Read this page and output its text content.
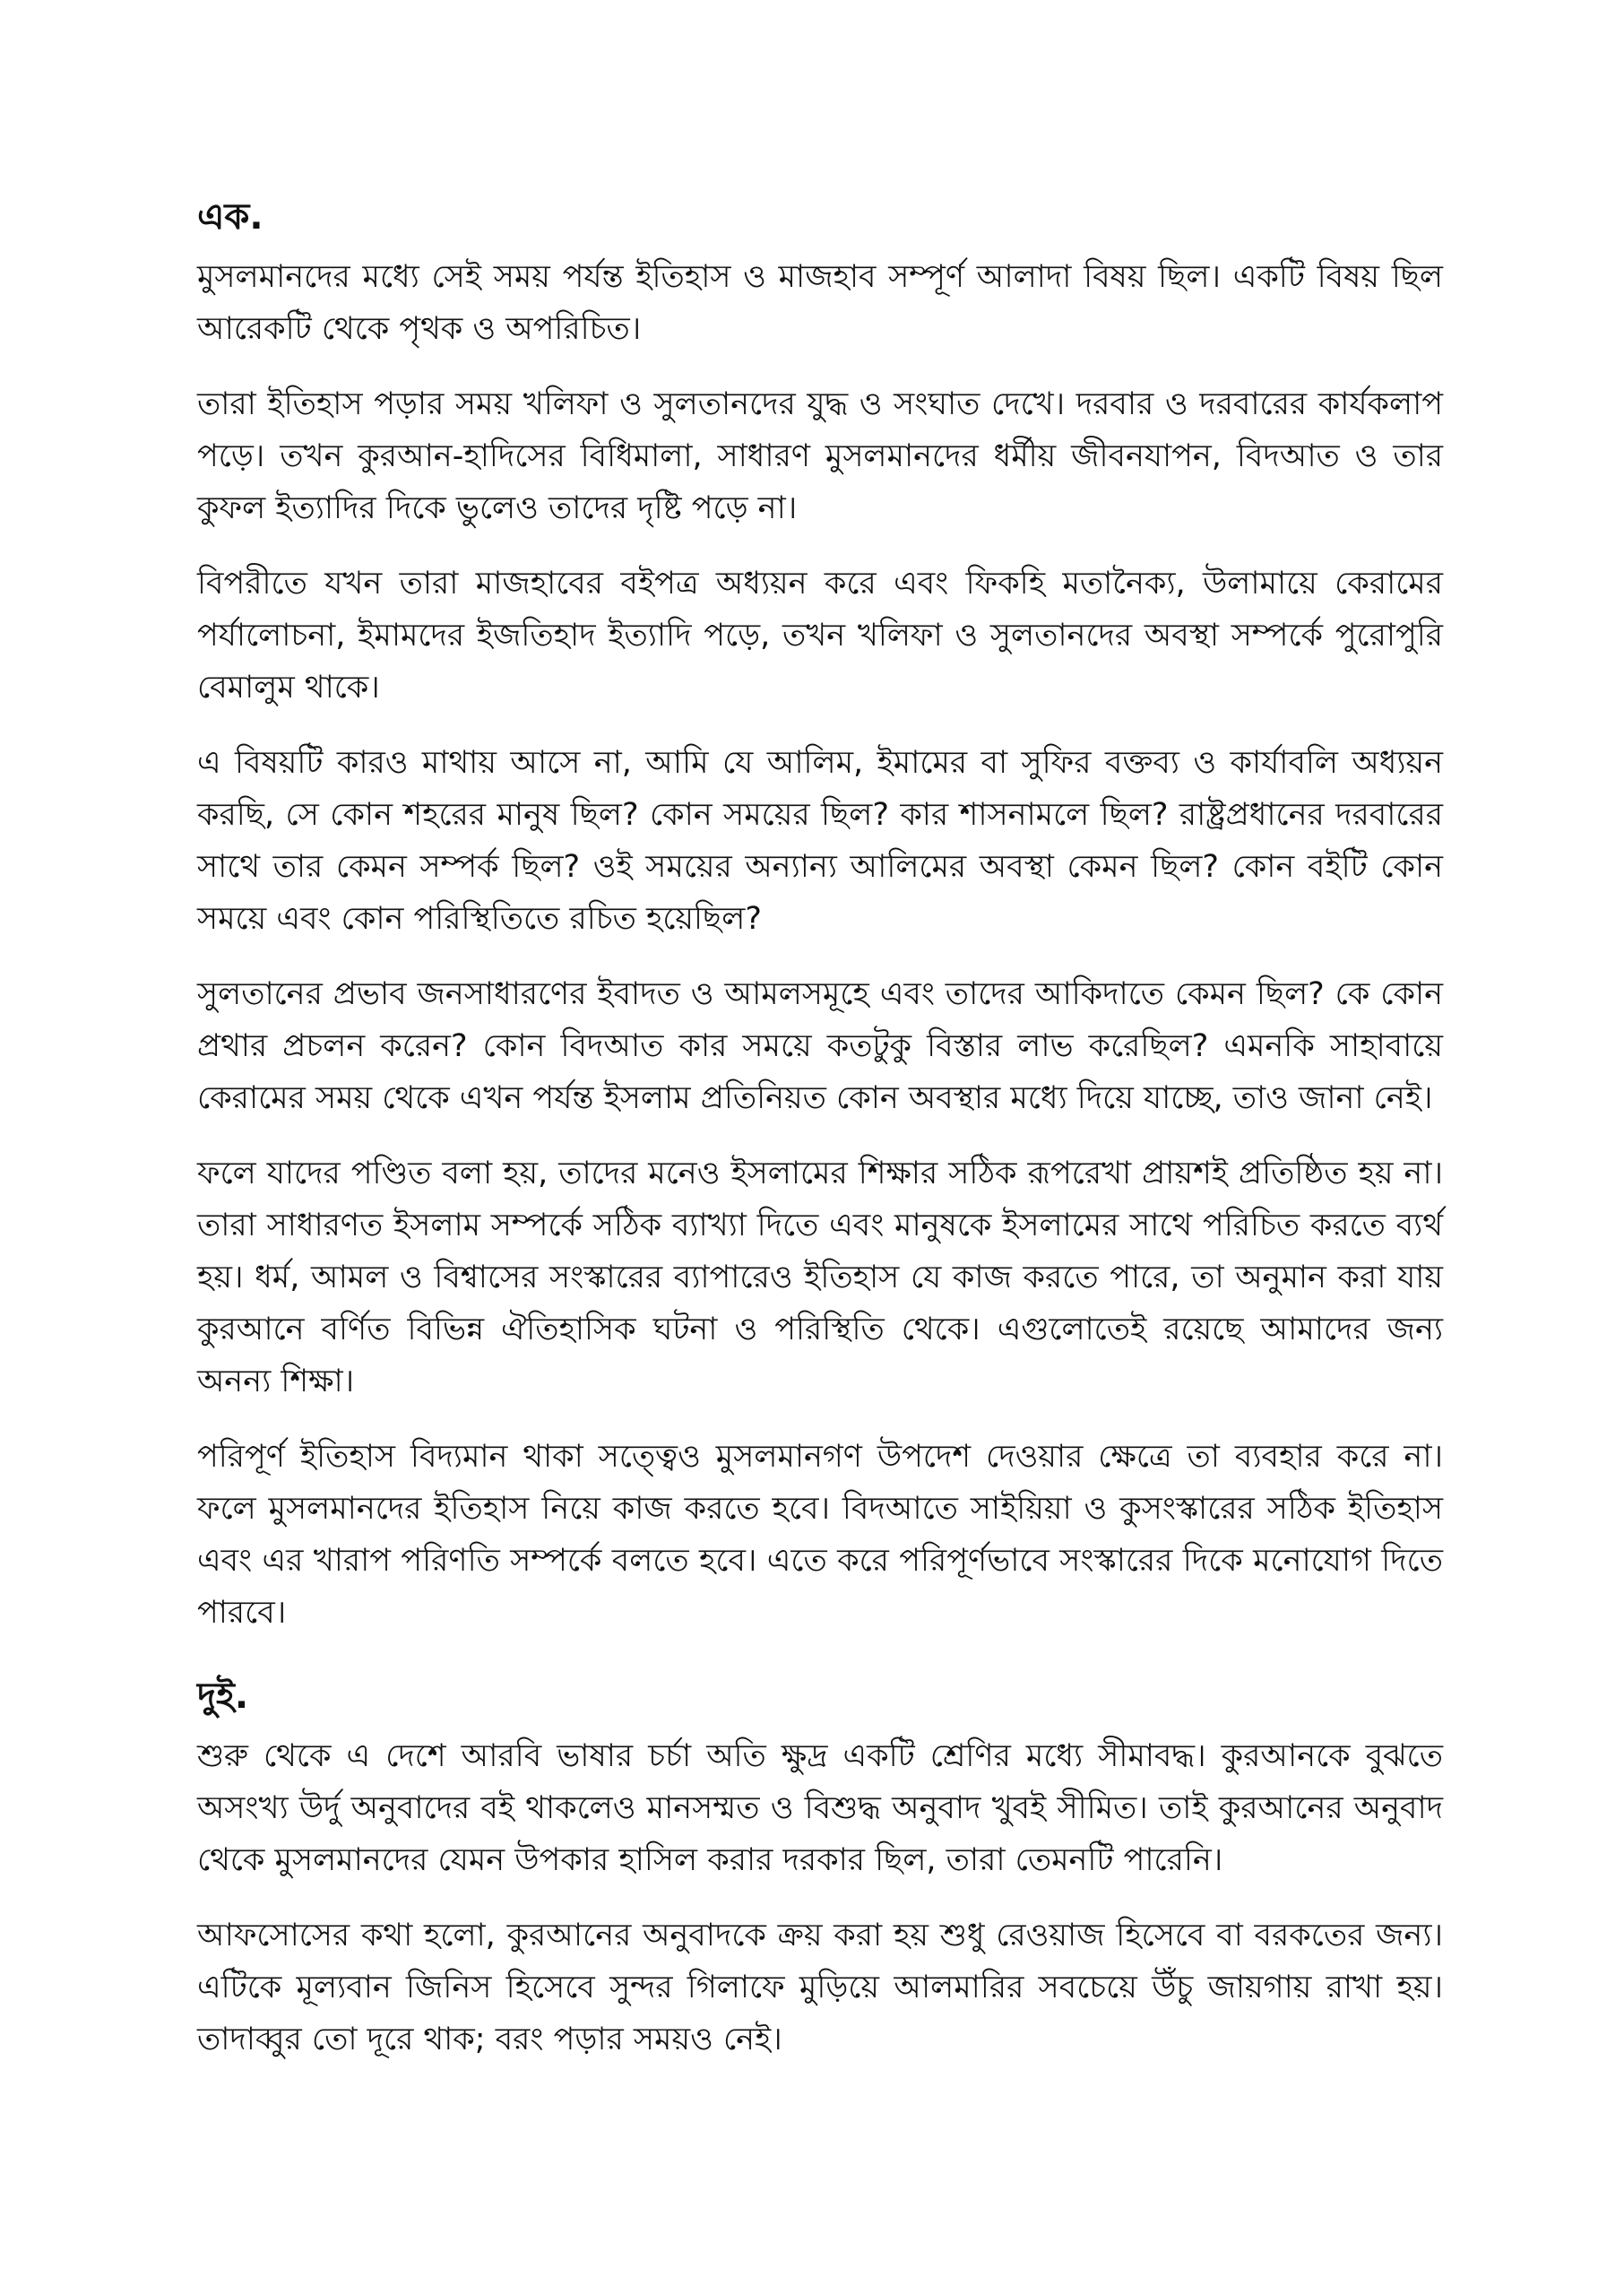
এক.

মুসলমানদের মধ্যে সেই সময় পর্যন্ত ইতিহাস ও মাজহাব সম্পূর্ণ আলাদা বিষয় ছিল। একটি বিষয় ছিল আরেকটি থেকে পৃথক ও অপরিচিত।

তারা ইতিহাস পড়ার সময় খলিফা ও সুলতানদের যুদ্ধ ও সংঘাত দেখে। দরবার ও দরবারের কার্যকলাপ পড়ে। তখন কুরআন-হাদিসের বিধিমালা, সাধারণ মুসলমানদের ধর্মীয় জীবনযাপন, বিদআত ও তার কুফল ইত্যাদির দিকে ভুলেও তাদের দৃষ্টি পড়ে না।

বিপরীতে যখন তারা মাজহাবের বইপত্র অধ্যয়ন করে এবং ফিকহি মতানৈক্য, উলামায়ে কেরামের পর্যালোচনা, ইমামদের ইজতিহাদ ইত্যাদি পড়ে, তখন খলিফা ও সুলতানদের অবস্থা সম্পর্কে পুরোপুরি বেমালুম থাকে।

এ বিষয়টি কারও মাথায় আসে না, আমি যে আলিম, ইমামের বা সুফির বক্তব্য ও কার্যাবলি অধ্যয়ন করছি, সে কোন শহরের মানুষ ছিল? কোন সময়ের ছিল? কার শাসনামলে ছিল? রাষ্ট্রপ্রধানের দরবারের সাথে তার কেমন সম্পর্ক ছিল? ওই সময়ের অন্যান্য আলিমের অবস্থা কেমন ছিল? কোন বইটি কোন সময়ে এবং কোন পরিস্থিতিতে রচিত হয়েছিল?

সুলতানের প্রভাব জনসাধারণের ইবাদত ও আমলসমূহে এবং তাদের আকিদাতে কেমন ছিল? কে কোন প্রথার প্রচলন করেন? কোন বিদআত কার সময়ে কতটুকু বিস্তার লাভ করেছিল? এমনকি সাহাবায়ে কেরামের সময় থেকে এখন পর্যন্ত ইসলাম প্রতিনিয়ত কোন অবস্থার মধ্যে দিয়ে যাচ্ছে, তাও জানা নেই।

ফলে যাদের পণ্ডিত বলা হয়, তাদের মনেও ইসলামের শিক্ষার সঠিক রূপরেখা প্রায়শই প্রতিষ্ঠিত হয় না। তারা সাধারণত ইসলাম সম্পর্কে সঠিক ব্যাখ্যা দিতে এবং মানুষকে ইসলামের সাথে পরিচিত করতে ব্যর্থ হয়। ধর্ম, আমল ও বিশ্বাসের সংস্কারের ব্যাপারেও ইতিহাস যে কাজ করতে পারে, তা অনুমান করা যায় কুরআনে বর্ণিত বিভিন্ন ঐতিহাসিক ঘটনা ও পরিস্থিতি থেকে। এগুলোতেই রয়েছে আমাদের জন্য অনন্য শিক্ষা।

পরিপূর্ণ ইতিহাস বিদ্যমান থাকা সত্ত্বেও মুসলমানগণ উপদেশ দেওয়ার ক্ষেত্রে তা ব্যবহার করে না। ফলে মুসলমানদের ইতিহাস নিয়ে কাজ করতে হবে। বিদআতে সাইয়িয়া ও কুসংস্কারের সঠিক ইতিহাস এবং এর খারাপ পরিণতি সম্পর্কে বলতে হবে। এতে করে পরিপূর্ণভাবে সংস্কারের দিকে মনোযোগ দিতে পারবে।

দুই.

শুরু থেকে এ দেশে আরবি ভাষার চর্চা অতি ক্ষুদ্র একটি শ্রেণির মধ্যে সীমাবদ্ধ। কুরআনকে বুঝতে অসংখ্য উর্দু অনুবাদের বই থাকলেও মানসম্মত ও বিশুদ্ধ অনুবাদ খুবই সীমিত। তাই কুরআনের অনুবাদ থেকে মুসলমানদের যেমন উপকার হাসিল করার দরকার ছিল, তারা তেমনটি পারেনি।

আফসোসের কথা হলো, কুরআনের অনুবাদকে ক্রয় করা হয় শুধু রেওয়াজ হিসেবে বা বরকতের জন্য। এটিকে মূল্যবান জিনিস হিসেবে সুন্দর গিলাফে মুড়িয়ে আলমারির সবচেয়ে উঁচু জায়গায় রাখা হয়। তাদাব্বুর তো দূরে থাক; বরং পড়ার সময়ও নেই।
